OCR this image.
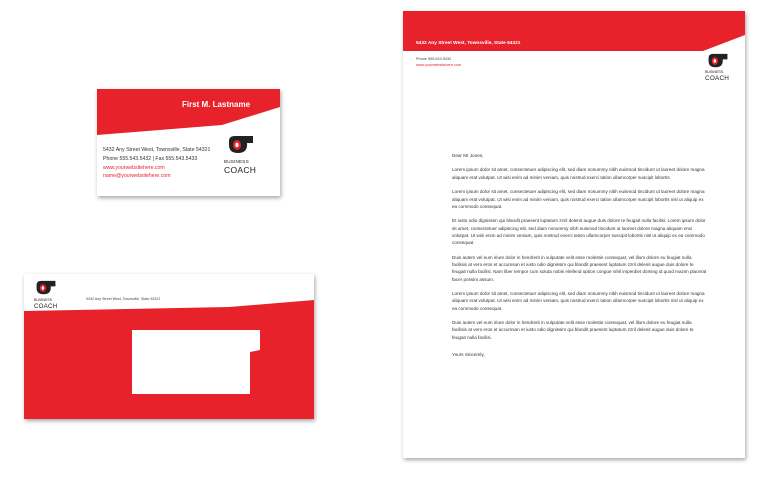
First M. Lastname
5432 Any Street West, Townsville, State 54321
Phone 555.543.5432 | Fax 555.543.5433
www.yourwebsitehere.com
name@yourwebsitehere.com
BUSINESS
COACH
BUSINESS
COACH
5432 Any Street West, Townsville, State 54321
5432 Any Street West, Townsville, State 54321
Phone 555.543.5432
www.yourwebsitehere.com
BUSINESS
COACH

Dear Mr Jones,

Lorem ipsum dolor sit amet, consectetuer adipiscing elit, sed diam nonummy nibh euismod tincidunt ut laoreet dolore magna aliquam erat volutpat. Ut wisi enim ad minim veniam, quis nostrud exerci tation ullamcorper suscipit lobortis.

Lorem ipsum dolor sit amet, consectetuer adipiscing elit, sed diam nonummy nibh euismod tincidunt ut laoreet dolore magna aliquam erat volutpat. Ut wisi enim ad minim veniam, quis nostrud exerci tation ullamcorper suscipit lobortis nisl ut aliquip ex ea commodo consequat.

Et iusto odio dignissim qui blandit praesent luptatum zzril delenit augue duis dolore te feugait nulla facilisi. Lorem ipsum dolor sit amet, consectetuer adipiscing elit, sed diam nonummy nibh euismod tincidunt ut laoreet dolore magna aliquam erat volutpat. Ut wisi enim ad minim veniam, quis nostrud exerci tation ullamcorper suscipit lobortis nisl ut aliquip ex ea commodo consequat.

Duis autem vel eum iriure dolor in hendrerit in vulputate velit esse molestie consequat, vel illum dolore eu feugiat nulla facilisis at vero eros et accumsan et iusto odio dignissim qui blandit praesent luptatum zzril delenit augue duis dolore te feugait nulla facilisi. Nam liber tempor cum soluta nobis eleifend option congue nihil imperdiet doming id quod mazim placerat facer possim assum.

Lorem ipsum dolor sit amet, consectetuer adipiscing elit, sed diam nonummy nibh euismod tincidunt ut laoreet dolore magna aliquam erat volutpat. Ut wisi enim ad minim veniam, quis nostrud exerci tation ullamcorper suscipit lobortis nisl ut aliquip ex ea commodo consequat.

Duis autem vel eum iriure dolor in hendrerit in vulputate velit esse molestie consequat, vel illum dolore eu feugiat nulla facilisis at vero eros et accumsan et iusto odio dignissim qui blandit praesent luptatum zzril delenit augue duis dolore te feugait nulla facilisi.

Yours Sincerely,
